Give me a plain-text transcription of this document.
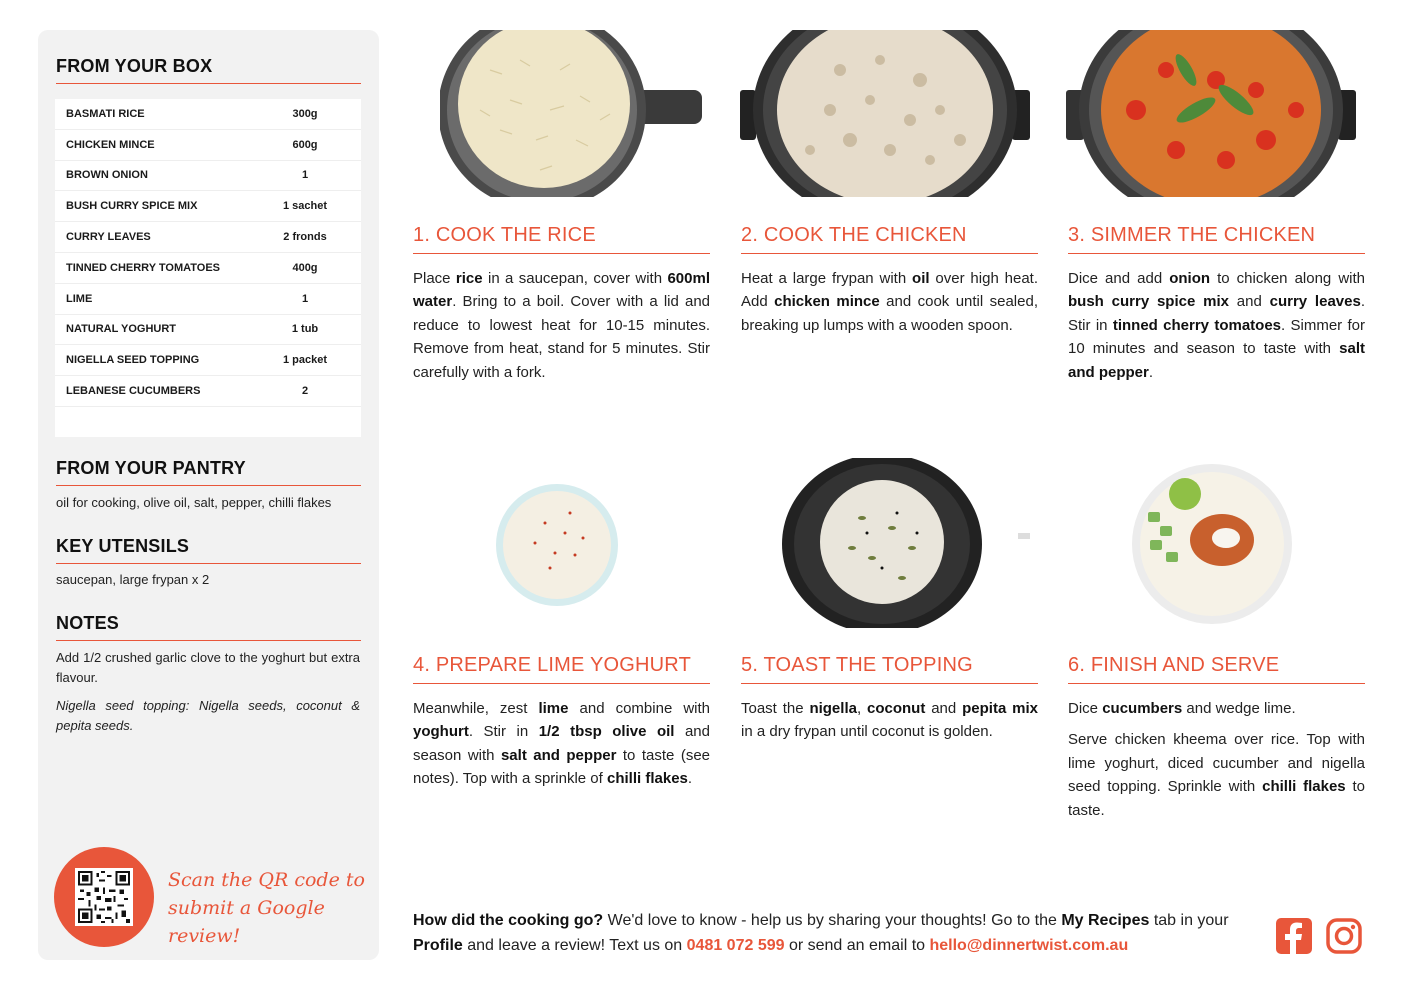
FROM YOUR BOX
BASMATI RICE	300g
CHICKEN MINCE	600g
BROWN ONION	1
BUSH CURRY SPICE MIX	1 sachet
CURRY LEAVES	2 fronds
TINNED CHERRY TOMATOES	400g
LIME	1
NATURAL YOGHURT	1 tub
NIGELLA SEED TOPPING	1 packet
LEBANESE CUCUMBERS	2
FROM YOUR PANTRY
oil for cooking, olive oil, salt, pepper, chilli flakes
KEY UTENSILS
saucepan, large frypan x 2
NOTES
Add 1/2 crushed garlic clove to the yoghurt but extra flavour.
Nigella seed topping: Nigella seeds, coconut & pepita seeds.
Scan the QR code to
submit a Google review!
1. COOK THE RICE

Place rice in a saucepan, cover with 600ml water. Bring to a boil. Cover with a lid and reduce to lowest heat for 10-15 minutes. Remove from heat, stand for 5 minutes. Stir carefully with a fork.

2. COOK THE CHICKEN

Heat a large frypan with oil over high heat. Add chicken mince and cook until sealed, breaking up lumps with a wooden spoon.

3. SIMMER THE CHICKEN

Dice and add onion to chicken along with bush curry spice mix and curry leaves. Stir in tinned cherry tomatoes. Simmer for 10 minutes and season to taste with salt and pepper.

4. PREPARE LIME YOGHURT

Meanwhile, zest lime and combine with yoghurt. Stir in 1/2 tbsp olive oil and season with salt and pepper to taste (see notes). Top with a sprinkle of chilli flakes.

5. TOAST THE TOPPING

Toast the nigella, coconut and pepita mix in a dry frypan until coconut is golden.

6. FINISH AND SERVE

Dice cucumbers and wedge lime.

Serve chicken kheema over rice. Top with lime yoghurt, diced cucumber and nigella seed topping. Sprinkle with chilli flakes to taste.

How did the cooking go? We'd love to know - help us by sharing your thoughts! Go to the My Recipes tab in your Profile and leave a review! Text us on 0481 072 599 or send an email to hello@dinnertwist.com.au
